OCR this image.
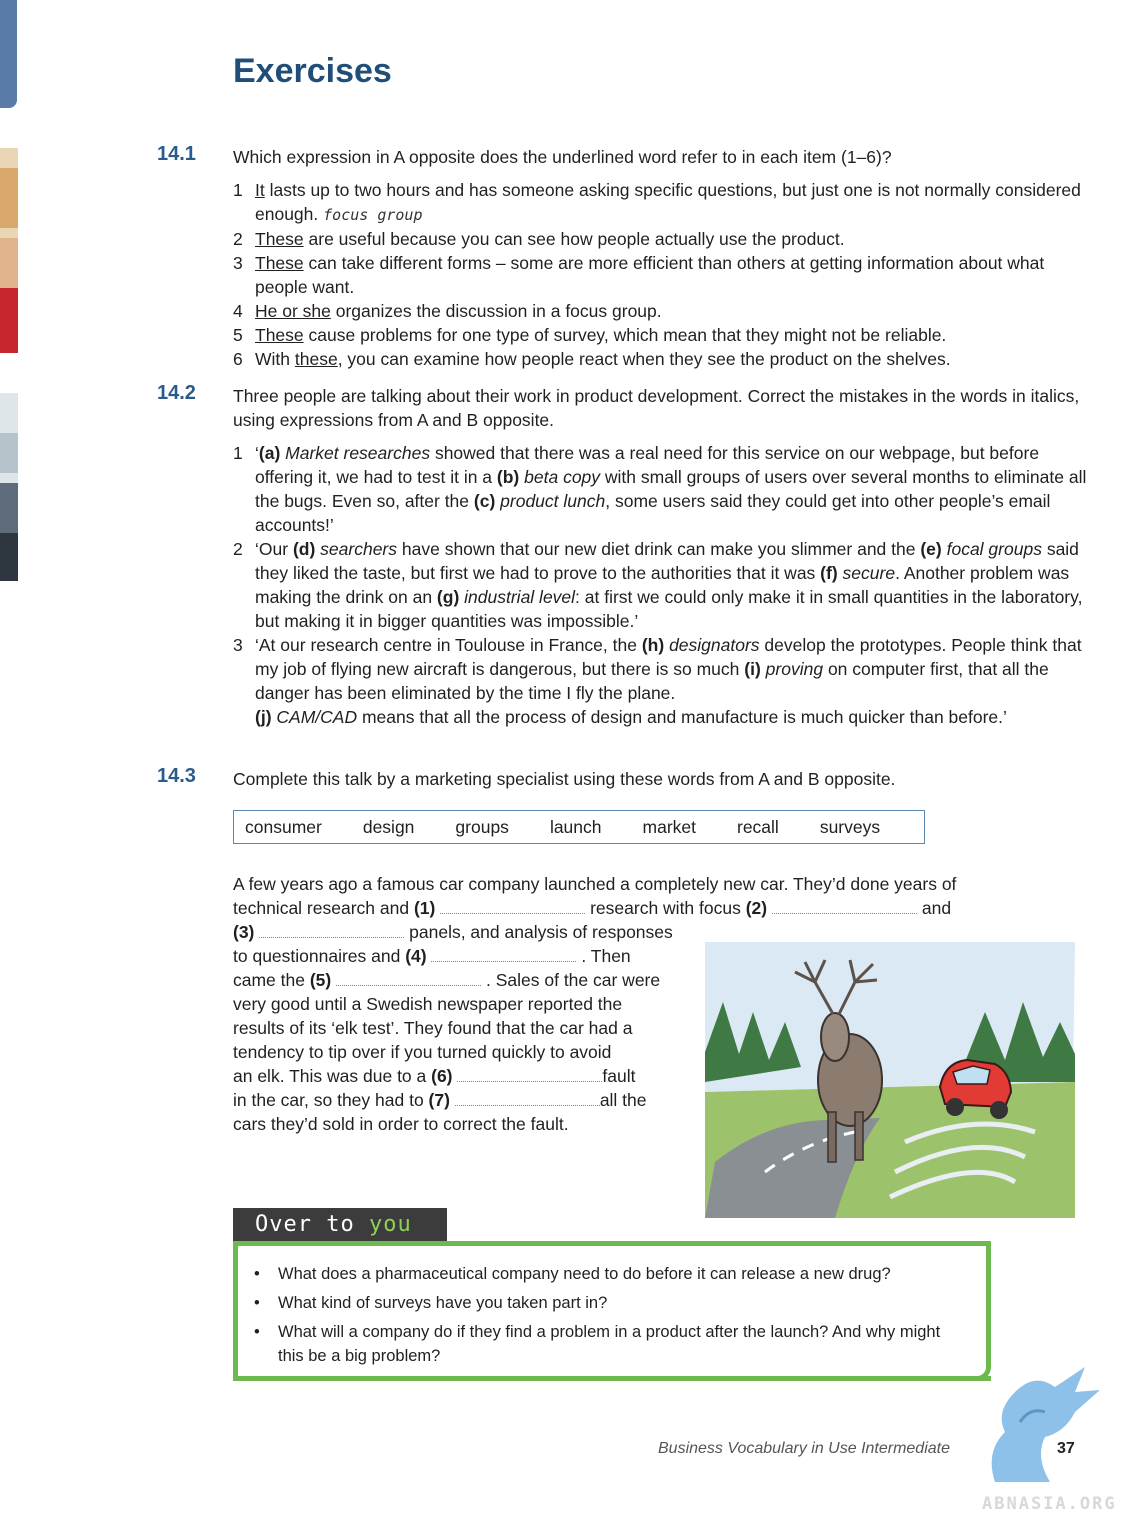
Exercises
14.1 Which expression in A opposite does the underlined word refer to in each item (1–6)?
1 It lasts up to two hours and has someone asking specific questions, but just one is not normally considered enough. focus group
2 These are useful because you can see how people actually use the product.
3 These can take different forms – some are more efficient than others at getting information about what people want.
4 He or she organizes the discussion in a focus group.
5 These cause problems for one type of survey, which mean that they might not be reliable.
6 With these, you can examine how people react when they see the product on the shelves.
14.2 Three people are talking about their work in product development. Correct the mistakes in the words in italics, using expressions from A and B opposite.
1 ‘(a) Market researches showed that there was a real need for this service on our webpage, but before offering it, we had to test it in a (b) beta copy with small groups of users over several months to eliminate all the bugs. Even so, after the (c) product lunch, some users said they could get into other people’s email accounts!’
2 ‘Our (d) searchers have shown that our new diet drink can make you slimmer and the (e) focal groups said they liked the taste, but first we had to prove to the authorities that it was (f) secure. Another problem was making the drink on an (g) industrial level: at first we could only make it in small quantities in the laboratory, but making it in bigger quantities was impossible.’
3 ‘At our research centre in Toulouse in France, the (h) designators develop the prototypes. People think that my job of flying new aircraft is dangerous, but there is so much (i) proving on computer first, that all the danger has been eliminated by the time I fly the plane.
(j) CAM/CAD means that all the process of design and manufacture is much quicker than before.’
14.3 Complete this talk by a marketing specialist using these words from A and B opposite.
consumer design groups launch market recall surveys

A few years ago a famous car company launched a completely new car. They’d done years of technical research and (1)	research with focus (2)	and

(3)	panels, and analysis of responses

to questionnaires and (4)	. Then

came the (5)	. Sales of the car were

very good until a Swedish newspaper reported the

results of its ‘elk test’. They found that the car had a

tendency to tip over if you turned quickly to avoid

an elk. This was due to a (6)	fault

in the car, so they had to (7)	all the

cars they’d sold in order to correct the fault.

Over to you
• What does a pharmaceutical company need to do before it can release a new drug?
• What kind of surveys have you taken part in?
• What will a company do if they find a problem in a product after the launch? And why might this be a big problem?
Business Vocabulary in Use Intermediate	37
ABNASIA.ORG
